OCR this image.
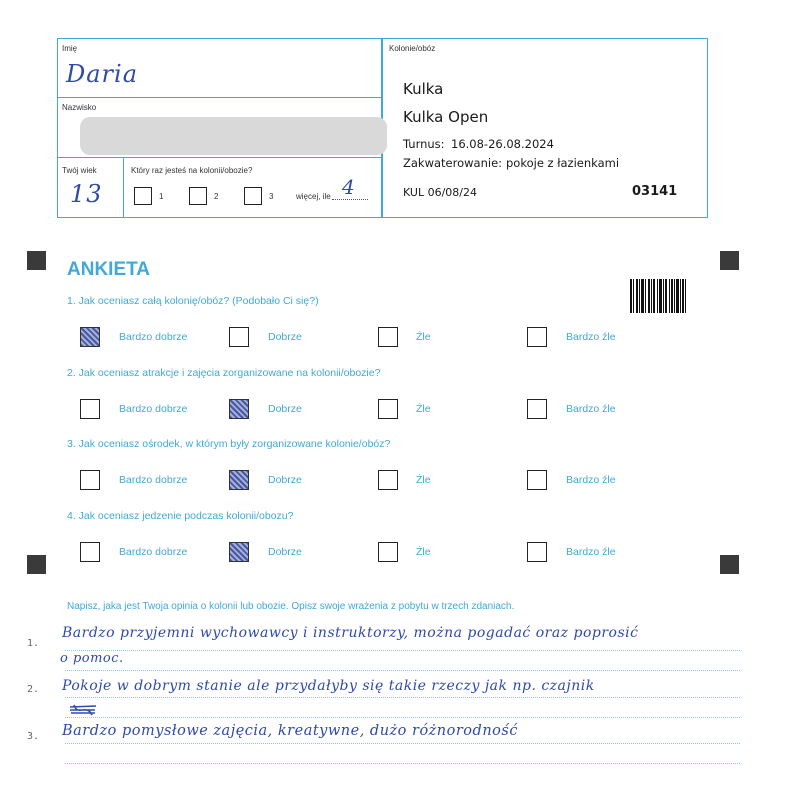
Imię
Daria
Nazwisko
Twój wiek
13
Który raz jesteś na kolonii/obozie?
1	2	3	więcej, ile 4
Kolonie/obóz
Kulka
Kulka Open
Turnus: 16.08-26.08.2024
Zakwaterowanie: pokoje z łazienkami
KUL 06/08/24	03141
ANKIETA
1. Jak oceniasz całą kolonię/obóz? (Podobało Ci się?)
Bardzo dobrze	Dobrze	Źle	Bardzo źle
2. Jak oceniasz atrakcje i zajęcia zorganizowane na kolonii/obozie?
Bardzo dobrze	Dobrze	Źle	Bardzo źle
3. Jak oceniasz ośrodek, w którym były zorganizowane kolonie/obóz?
Bardzo dobrze	Dobrze	Źle	Bardzo źle
4. Jak oceniasz jedzenie podczas kolonii/obozu?
Bardzo dobrze	Dobrze	Źle	Bardzo źle
Napisz, jaka jest Twoja opinia o kolonii lub obozie. Opisz swoje wrażenia z pobytu w trzech zdaniach.
1.
2.
3.
Bardzo przyjemni wychowawcy i instruktorzy, można pogadać oraz poprosić
o pomoc.
Pokoje w dobrym stanie ale przydałyby się takie rzeczy jak np. czajnik
Bardzo pomysłowe zajęcia, kreatywne, dużo różnorodność
